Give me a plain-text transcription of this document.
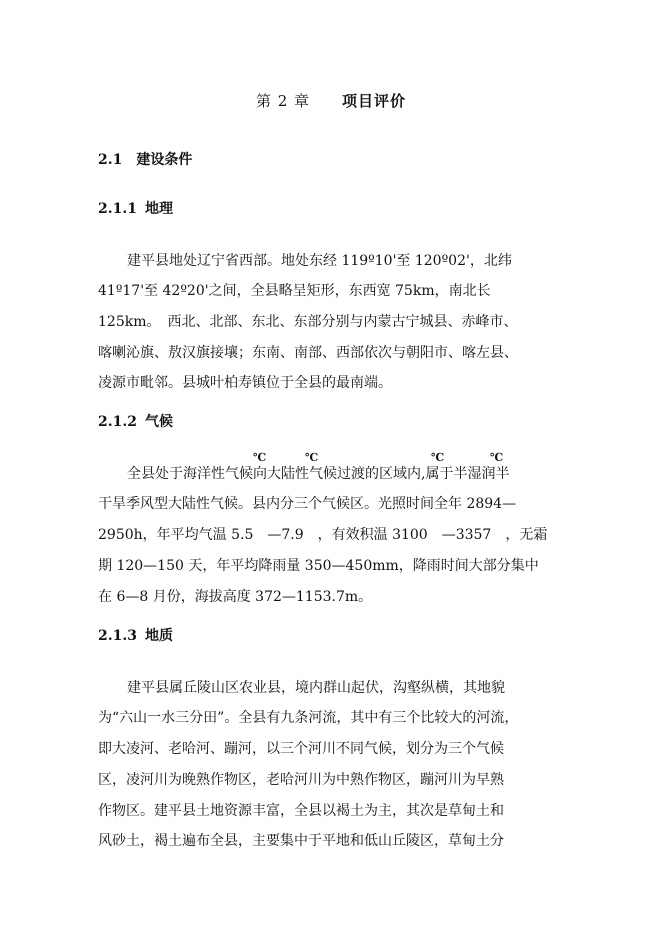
第 2 章 项目评价
2.1 建设条件
2.1.1 地理
建平县地处辽宁省西部。地处东经 119º10'至 120º02'，北纬
41º17'至 42º20'之间，全县略呈矩形，东西宽 75km，南北长
125km。　西北、北部、东北、东部分别与内蒙古宁城县、赤峰市、
喀喇沁旗、敖汉旗接壤；东南、南部、西部依次与朝阳市、喀左县、
凌源市毗邻。县城叶柏寿镇位于全县的最南端。
2.1.2 气候
℃	℃	℃	℃
全县处于海洋性气候向大陆性气候过渡的区域内,属于半湿润半
干旱季风型大陆性气候。县内分三个气候区。光照时间全年 2894—
2950h，年平均气温 5.5　—7.9　，有效积温 3100　—3357　，无霜
期 120—150 天，年平均降雨量 350—450mm，降雨时间大部分集中
在 6—8 月份，海拔高度 372—1153.7m。
2.1.3 地质
建平县属丘陵山区农业县，境内群山起伏，沟壑纵横，其地貌
为“六山一水三分田”。全县有九条河流，其中有三个比较大的河流，
即大凌河、老哈河、蹦河，以三个河川不同气候，划分为三个气候
区，凌河川为晚熟作物区，老哈河川为中熟作物区，蹦河川为早熟
作物区。建平县土地资源丰富，全县以褐土为主，其次是草甸土和
风砂土，褐土遍布全县，主要集中于平地和低山丘陵区，草甸土分
